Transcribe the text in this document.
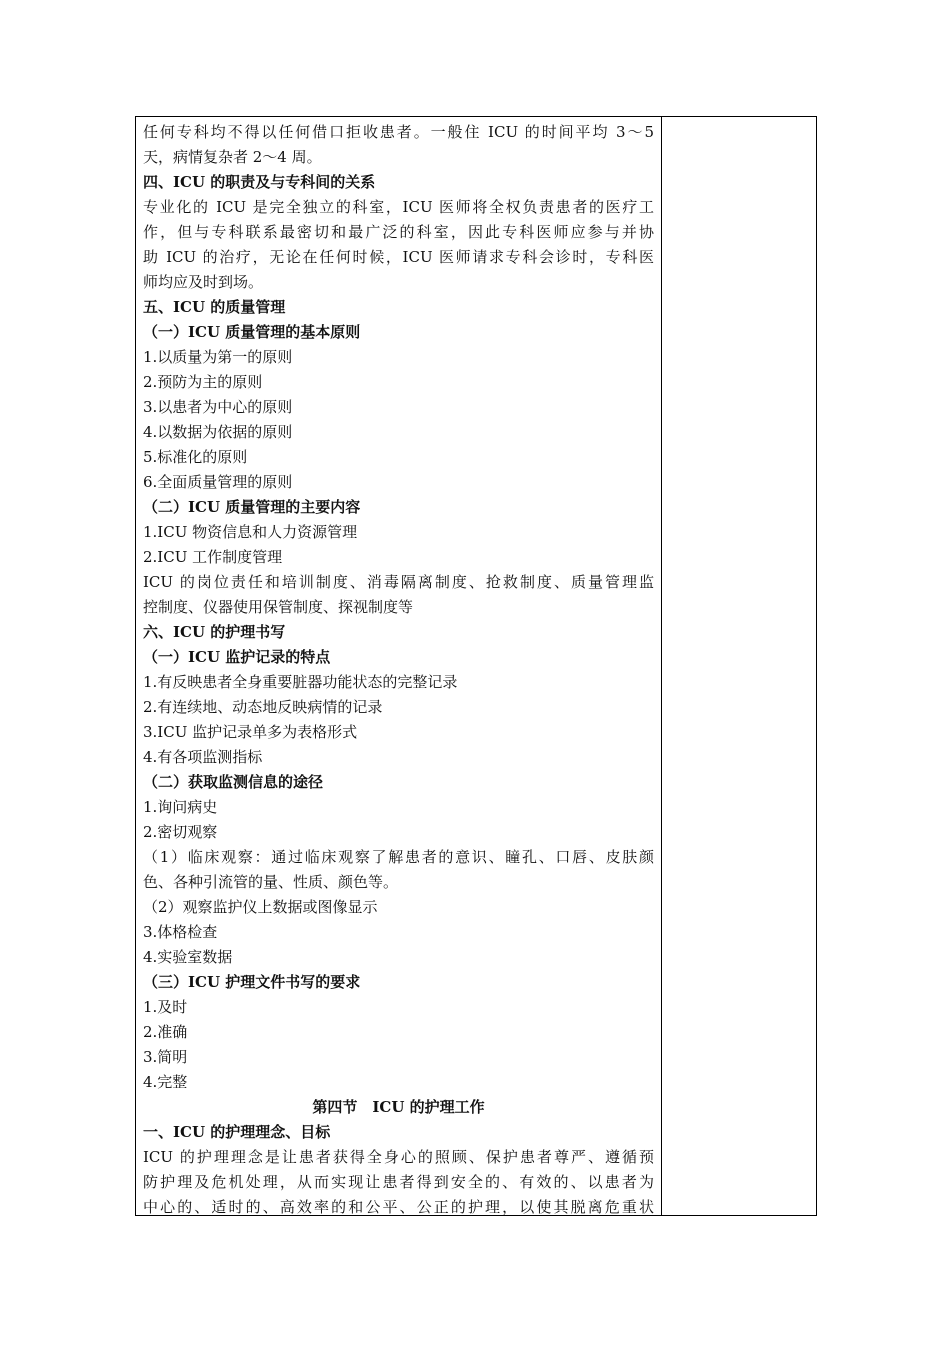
任何专科均不得以任何借口拒收患者。一般住 ICU 的时间平均 3～5
天，病情复杂者 2～4 周。
四、ICU 的职责及与专科间的关系
专业化的 ICU 是完全独立的科室，ICU 医师将全权负责患者的医疗工
作，但与专科联系最密切和最广泛的科室，因此专科医师应参与并协
助 ICU 的治疗，无论在任何时候，ICU 医师请求专科会诊时，专科医
师均应及时到场。
五、ICU 的质量管理
（一）ICU 质量管理的基本原则
1.以质量为第一的原则
2.预防为主的原则
3.以患者为中心的原则
4.以数据为依据的原则
5.标准化的原则
6.全面质量管理的原则
（二）ICU 质量管理的主要内容
1.ICU 物资信息和人力资源管理
2.ICU 工作制度管理
ICU 的岗位责任和培训制度、消毒隔离制度、抢救制度、质量管理监
控制度、仪器使用保管制度、探视制度等
六、ICU 的护理书写
（一）ICU 监护记录的特点
1.有反映患者全身重要脏器功能状态的完整记录
2.有连续地、动态地反映病情的记录
3.ICU 监护记录单多为表格形式
4.有各项监测指标
（二）获取监测信息的途径
1.询问病史
2.密切观察
（1）临床观察：通过临床观察了解患者的意识、瞳孔、口唇、皮肤颜
色、各种引流管的量、性质、颜色等。
（2）观察监护仪上数据或图像显示
3.体格检查
4.实验室数据
（三）ICU 护理文件书写的要求
1.及时
2.准确
3.简明
4.完整
第四节　ICU 的护理工作
一、ICU 的护理理念、目标
ICU 的护理理念是让患者获得全身心的照顾、保护患者尊严、遵循预
防护理及危机处理，从而实现让患者得到安全的、有效的、以患者为
中心的、适时的、高效率的和公平、公正的护理，以使其脱离危重状
